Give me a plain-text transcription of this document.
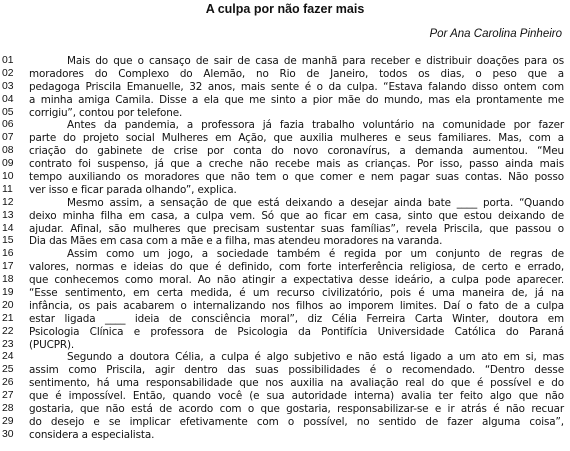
A culpa por não fazer mais
Por Ana Carolina Pinheiro
01	Mais do que o cansaço de sair de casa de manhã para receber e distribuir doações para os
02	moradores do Complexo do Alemão, no Rio de Janeiro, todos os dias, o peso que a
03	pedagoga Priscila Emanuelle, 32 anos, mais sente é o da culpa. “Estava falando disso ontem com
04	a minha amiga Camila. Disse a ela que me sinto a pior mãe do mundo, mas ela prontamente me
05	corrigiu”, contou por telefone.
06	Antes da pandemia, a professora já fazia trabalho voluntário na comunidade por fazer
07	parte do projeto social Mulheres em Ação, que auxilia mulheres e seus familiares. Mas, com a
08	criação do gabinete de crise por conta do novo coronavírus, a demanda aumentou. “Meu
09	contrato foi suspenso, já que a creche não recebe mais as crianças. Por isso, passo ainda mais
10	tempo auxiliando os moradores que não tem o que comer e nem pagar suas contas. Não posso
11	ver isso e ficar parada olhando”, explica.
12	Mesmo assim, a sensação de que está deixando a desejar ainda bate ____ porta. “Quando
13	deixo minha filha em casa, a culpa vem. Só que ao ficar em casa, sinto que estou deixando de
14	ajudar. Afinal, são mulheres que precisam sustentar suas famílias”, revela Priscila, que passou o
15	Dia das Mães em casa com a mãe e a filha, mas atendeu moradores na varanda.
16	Assim como um jogo, a sociedade também é regida por um conjunto de regras de
17	valores, normas e ideias do que é definido, com forte interferência religiosa, de certo e errado,
18	que conhecemos como moral. Ao não atingir a expectativa desse ideário, a culpa pode aparecer.
19	“Esse sentimento, em certa medida, é um recurso civilizatório, pois é uma maneira de, já na
20	infância, os pais acabarem o internalizando nos filhos ao imporem limites. Daí o fato de a culpa
21	estar ligada ____ ideia de consciência moral”, diz Célia Ferreira Carta Winter, doutora em
22	Psicologia Clínica e professora de Psicologia da Pontifícia Universidade Católica do Paraná
23	(PUCPR).
24	Segundo a doutora Célia, a culpa é algo subjetivo e não está ligado a um ato em si, mas
25	assim como Priscila, agir dentro das suas possibilidades é o recomendado. “Dentro desse
26	sentimento, há uma responsabilidade que nos auxilia na avaliação real do que é possível e do
27	que é impossível. Então, quando você (e sua autoridade interna) avalia ter feito algo que não
28	gostaria, que não está de acordo com o que gostaria, responsabilizar-se e ir atrás é não recuar
29	do desejo e se implicar efetivamente com o possível, no sentido de fazer alguma coisa”,
30	considera a especialista.
